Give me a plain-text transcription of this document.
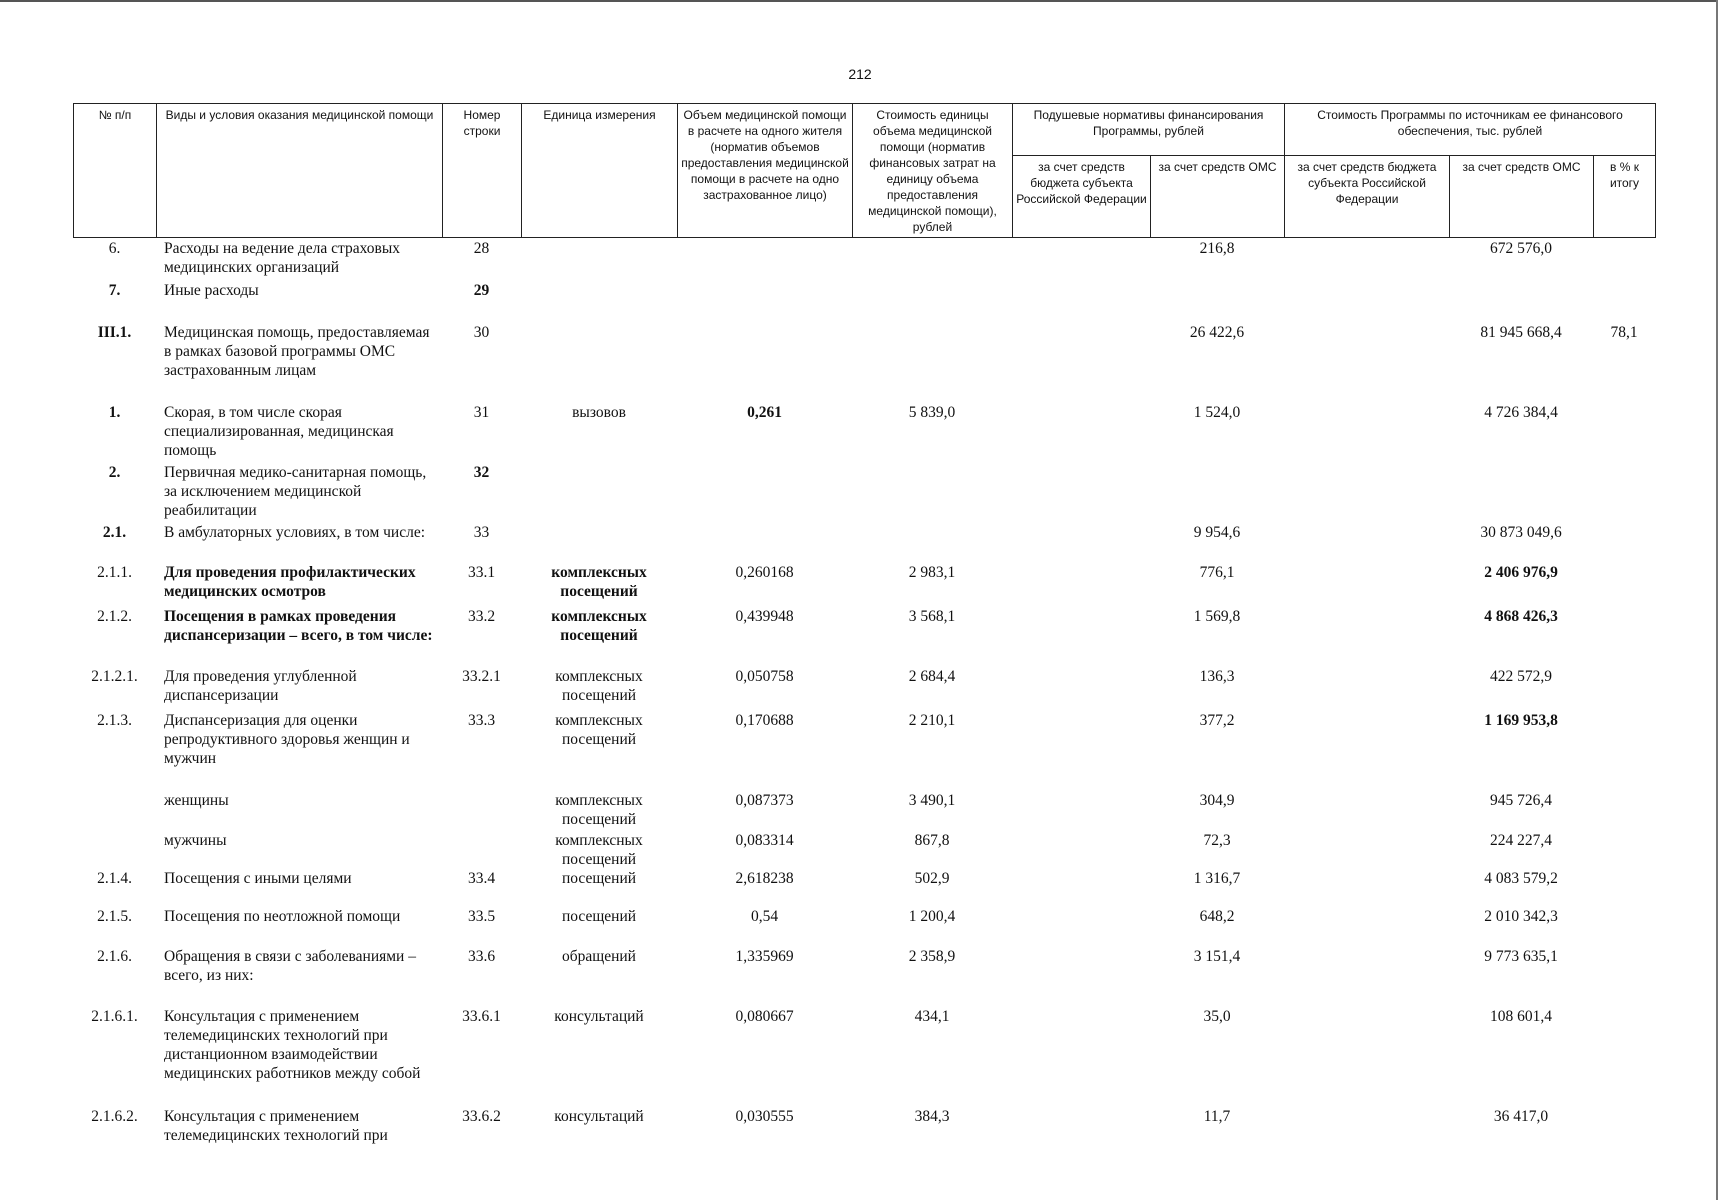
212
№ п/п	Виды и условия оказания медицинской помощи	Номер строки	Единица измерения	Объем медицинской помощи в расчете на одного жителя (норматив объемов предоставления медицинской помощи в расчете на одно застрахованное лицо)	Стоимость единицы объема медицинской помощи (норматив финансовых затрат на единицу объема предоставления медицинской помощи), рублей	Подушевые нормативы финансирования Программы, рублей		Стоимость Программы по источникам ее финансового обеспечения, тыс. рублей		
						за счет средств бюджета субъекта Российской Федерации	за счет средств ОМС	за счет средств бюджета субъекта Российской Федерации	за счет средств ОМС	в % к итогу
6.	Расходы на ведение дела страховых медицинских организаций	28					216,8		672 576,0	
7.	Иные расходы	29								
III.1.	Медицинская помощь, предоставляемая в рамках базовой программы ОМС застрахованным лицам	30					26 422,6		81 945 668,4	78,1
1.	Скорая, в том числе скорая специализированная, медицинская помощь	31	вызовов	0,261	5 839,0		1 524,0		4 726 384,4	
2.	Первичная медико-санитарная помощь, за исключением медицинской реабилитации	32								
2.1.	В амбулаторных условиях, в том числе:	33					9 954,6		30 873 049,6	
2.1.1.	Для проведения профилактических медицинских осмотров	33.1	комплексных посещений	0,260168	2 983,1		776,1		2 406 976,9	
2.1.2.	Посещения в рамках проведения диспансеризации – всего, в том числе:	33.2	комплексных посещений	0,439948	3 568,1		1 569,8		4 868 426,3	
2.1.2.1.	Для проведения углубленной диспансеризации	33.2.1	комплексных посещений	0,050758	2 684,4		136,3		422 572,9	
2.1.3.	Диспансеризация для оценки репродуктивного здоровья женщин и мужчин	33.3	комплексных посещений	0,170688	2 210,1		377,2		1 169 953,8	
	женщины		комплексных посещений	0,087373	3 490,1		304,9		945 726,4	
	мужчины		комплексных посещений	0,083314	867,8		72,3		224 227,4	
2.1.4.	Посещения с иными целями	33.4	посещений	2,618238	502,9		1 316,7		4 083 579,2	
2.1.5.	Посещения по неотложной помощи	33.5	посещений	0,54	1 200,4		648,2		2 010 342,3	
2.1.6.	Обращения в связи с заболеваниями – всего, из них:	33.6	обращений	1,335969	2 358,9		3 151,4		9 773 635,1	
2.1.6.1.	Консультация с применением телемедицинских технологий при дистанционном взаимодействии медицинских работников между собой	33.6.1	консультаций	0,080667	434,1		35,0		108 601,4	
2.1.6.2.	Консультация с применением телемедицинских технологий при	33.6.2	консультаций	0,030555	384,3		11,7		36 417,0	
